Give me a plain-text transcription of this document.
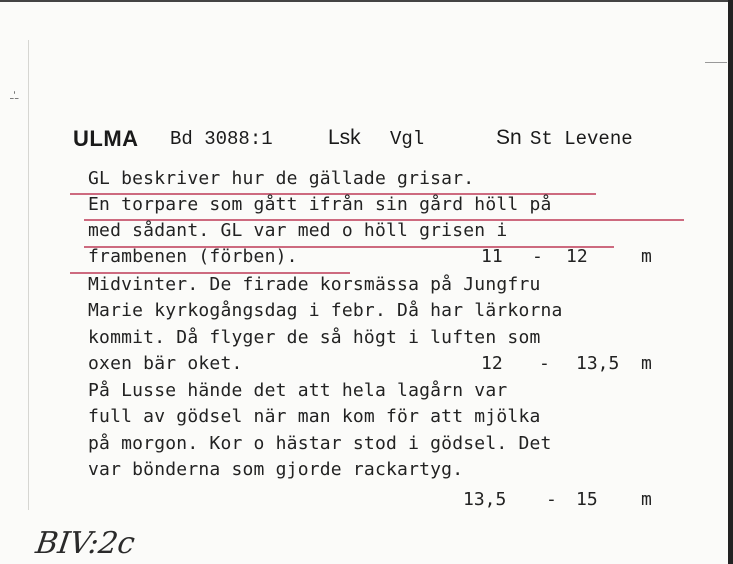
-¦
ULMA Bd 3088:1	Lsk Vgl	Sn St Levene
GL beskriver hur de gällade grisar.
En torpare som gått ifrån sin gård höll på
med sådant. GL var med o höll grisen i
frambenen (förben).	11 - 12	m
Midvinter. De firade korsmässa på Jungfru
Marie kyrkogångsdag i febr. Då har lärkorna
kommit. Då flyger de så högt i luften som
oxen bär oket.	12 - 13,5 m
På Lusse hände det att hela lagårn var
full av gödsel när man kom för att mjölka
på morgon. Kor o hästar stod i gödsel. Det
var bönderna som gjorde rackartyg.
13,5 - 15 m
BIV:2c
